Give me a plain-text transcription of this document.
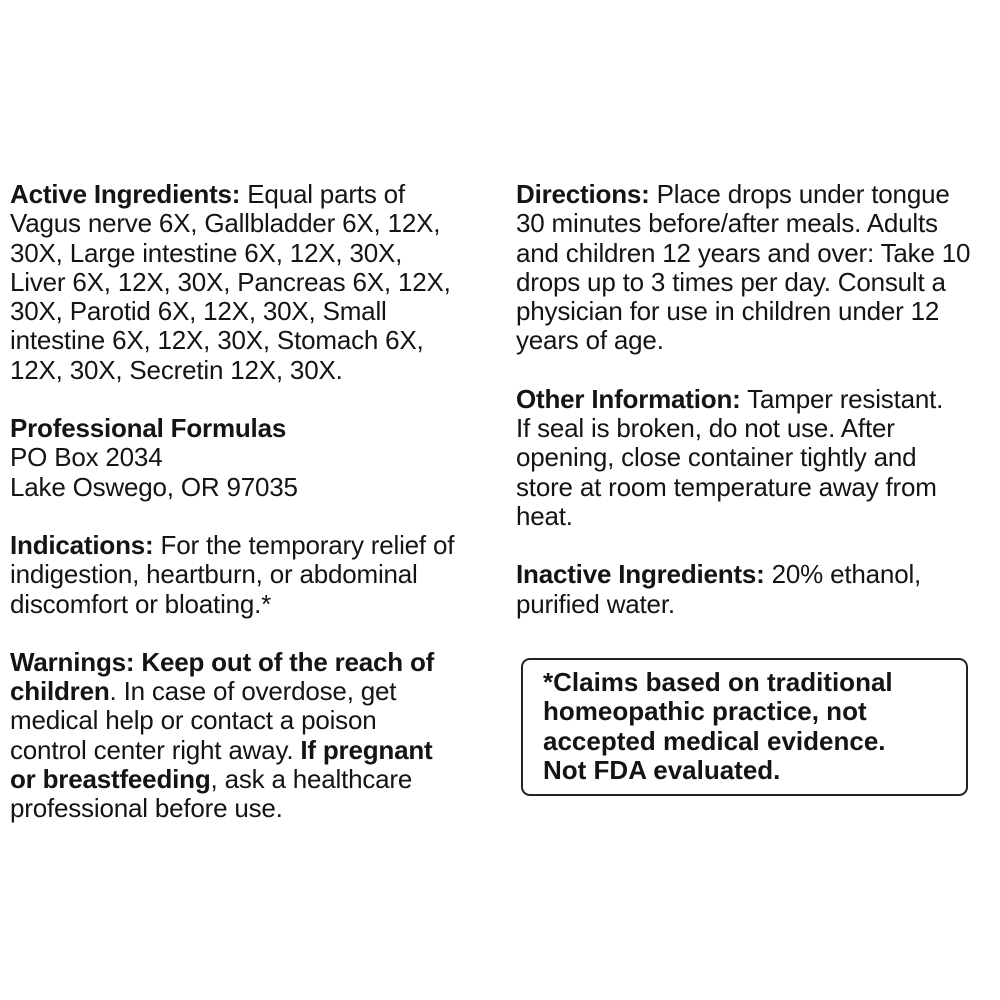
Active Ingredients: Equal parts of
Vagus nerve 6X, Gallbladder 6X, 12X,
30X, Large intestine 6X, 12X, 30X,
Liver 6X, 12X, 30X, Pancreas 6X, 12X,
30X, Parotid 6X, 12X, 30X, Small
intestine 6X, 12X, 30X, Stomach 6X,
12X, 30X, Secretin 12X, 30X.
Professional Formulas
PO Box 2034
Lake Oswego, OR 97035
Indications: For the temporary relief of
indigestion, heartburn, or abdominal
discomfort or bloating.*
Warnings: Keep out of the reach of
children. In case of overdose, get
medical help or contact a poison
control center right away. If pregnant
or breastfeeding, ask a healthcare
professional before use.
Directions: Place drops under tongue
30 minutes before/after meals. Adults
and children 12 years and over: Take 10
drops up to 3 times per day. Consult a
physician for use in children under 12
years of age.
Other Information: Tamper resistant.
If seal is broken, do not use. After
opening, close container tightly and
store at room temperature away from
heat.
Inactive Ingredients: 20% ethanol,
purified water.
*Claims based on traditional
homeopathic practice, not
accepted medical evidence.
Not FDA evaluated.
